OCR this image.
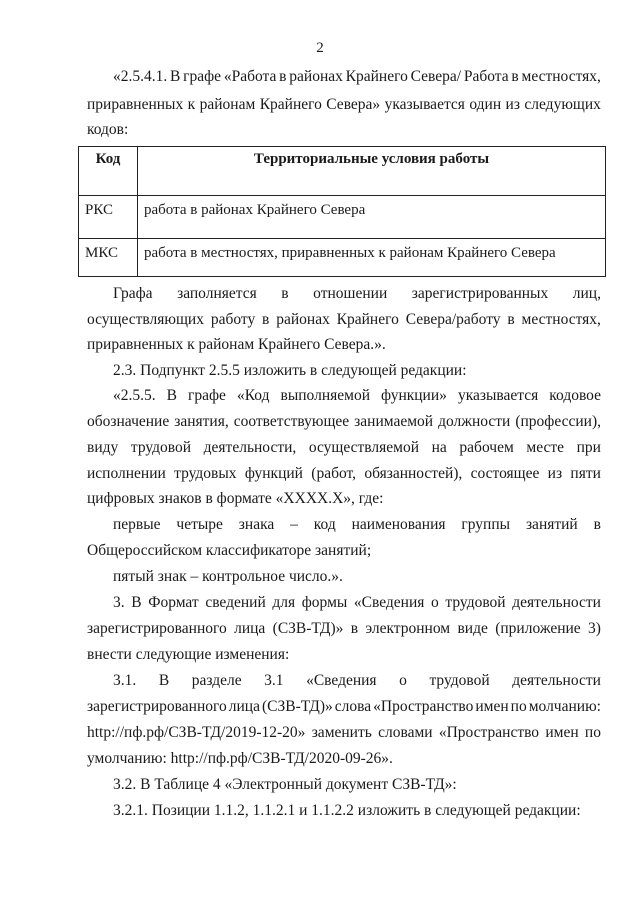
2
«2.5.4.1. В графе «Работа в районах Крайнего Севера/ Работа в местностях,
приравненных к районам Крайнего Севера» указывается один из следующих
кодов:
Код	Территориальные условия работы
РКС	работа в районах Крайнего Севера
МКС	работа в местностях, приравненных к районам Крайнего Севера
Графа заполняется в отношении зарегистрированных лиц,
осуществляющих работу в районах Крайнего Севера/работу в местностях,
приравненных к районам Крайнего Севера.».
2.3. Подпункт 2.5.5 изложить в следующей редакции:
«2.5.5. В графе «Код выполняемой функции» указывается кодовое
обозначение занятия, соответствующее занимаемой должности (профессии),
виду трудовой деятельности, осуществляемой на рабочем месте при
исполнении трудовых функций (работ, обязанностей), состоящее из пяти
цифровых знаков в формате «XXXX.X», где:
первые четыре знака – код наименования группы занятий в
Общероссийском классификаторе занятий;
пятый знак – контрольное число.».
3. В Формат сведений для формы «Сведения о трудовой деятельности
зарегистрированного лица (СЗВ-ТД)» в электронном виде (приложение 3)
внести следующие изменения:
3.1. В разделе 3.1 «Сведения о трудовой деятельности
зарегистрированного лица (СЗВ-ТД)» слова «Пространство имен по молчанию:
http://пф.рф/СЗВ-ТД/2019-12-20» заменить словами «Пространство имен по
умолчанию: http://пф.рф/СЗВ-ТД/2020-09-26».
3.2. В Таблице 4 «Электронный документ СЗВ-ТД»:
3.2.1. Позиции 1.1.2, 1.1.2.1 и 1.1.2.2 изложить в следующей редакции:
